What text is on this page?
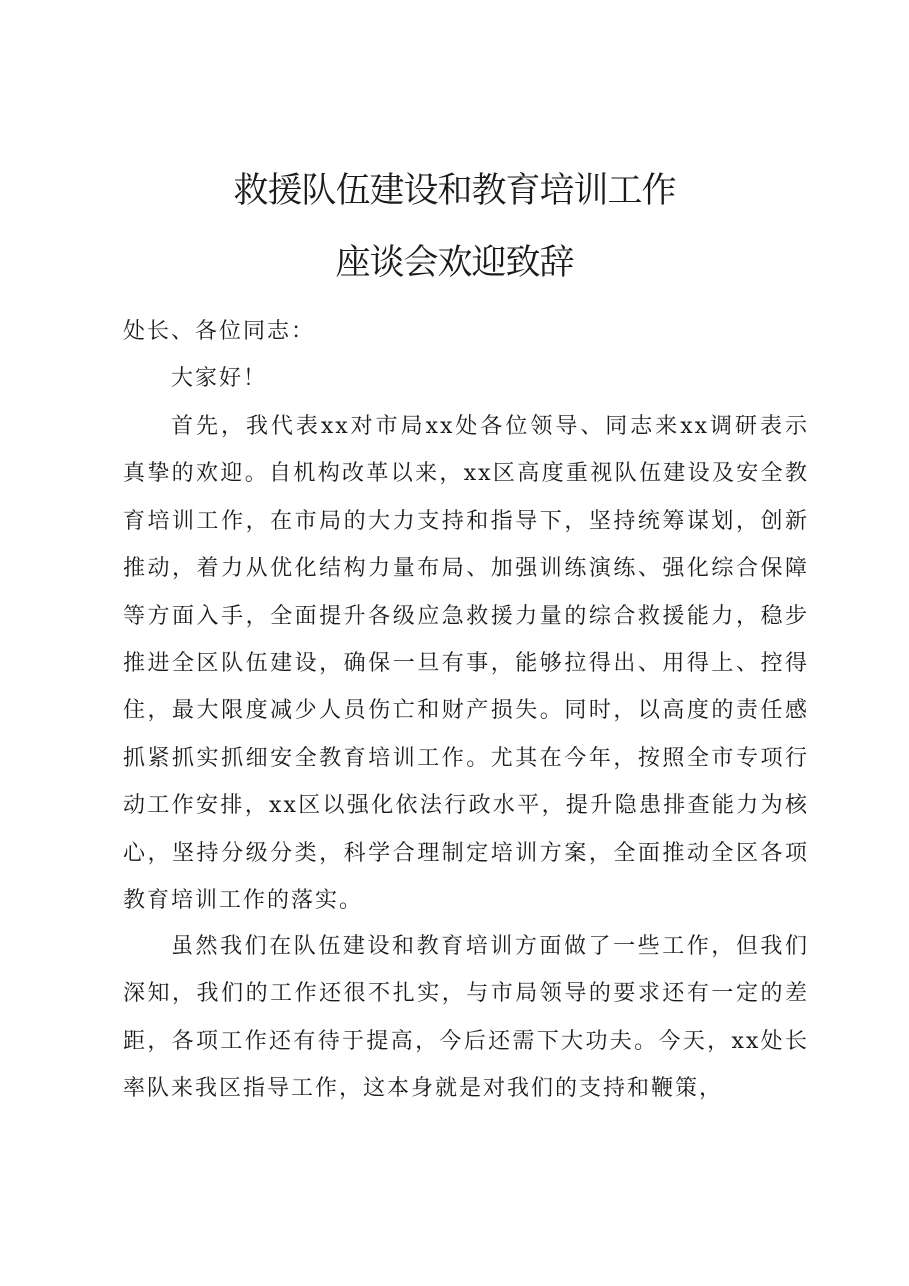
救援队伍建设和教育培训工作
座谈会欢迎致辞

处长、各位同志：

大家好！

首先，我代表xx对市局xx处各位领导、同志来xx调研表示真挚的欢迎。自机构改革以来，xx区高度重视队伍建设及安全教育培训工作，在市局的大力支持和指导下，坚持统筹谋划，创新推动，着力从优化结构力量布局、加强训练演练、强化综合保障等方面入手，全面提升各级应急救援力量的综合救援能力，稳步推进全区队伍建设，确保一旦有事，能够拉得出、用得上、控得住，最大限度减少人员伤亡和财产损失。同时，以高度的责任感抓紧抓实抓细安全教育培训工作。尤其在今年，按照全市专项行动工作安排，xx区以强化依法行政水平，提升隐患排查能力为核心，坚持分级分类，科学合理制定培训方案，全面推动全区各项教育培训工作的落实。

虽然我们在队伍建设和教育培训方面做了一些工作，但我们深知，我们的工作还很不扎实，与市局领导的要求还有一定的差距，各项工作还有待于提高，今后还需下大功夫。今天，xx处长率队来我区指导工作，这本身就是对我们的支持和鞭策，
